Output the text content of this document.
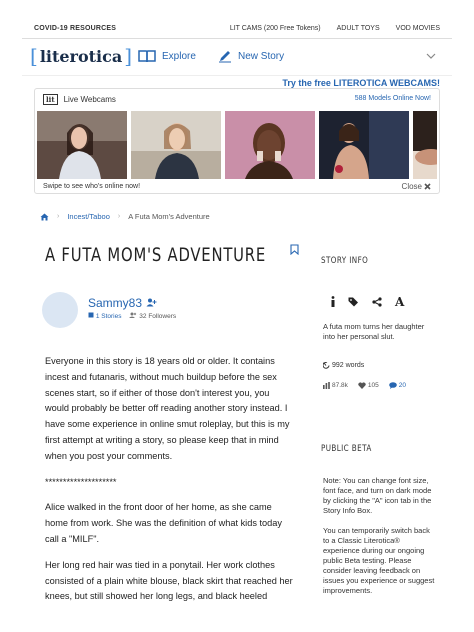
COVID-19 RESOURCES	LIT CAMS (200 Free Tokens) ADULT TOYS VOD MOVIES
[ literotica ]	Explore	New Story
Try the free LITEROTICA WEBCAMS!
lit	Live Webcams	588 Models Online Now!
Swipe to see who's online now!	Close
› Incest/Taboo › A Futa Mom's Adventure
A FUTA MOM'S ADVENTURE
Sammy83
1 Stories	32 Followers

Everyone in this story is 18 years old or older. It contains incest and futanaris, without much buildup before the sex scenes start, so if either of those don't interest you, you would probably be better off reading another story instead. I have some experience in online smut roleplay, but this is my first attempt at writing a story, so please keep that in mind when you post your comments.

********************

Alice walked in the front door of her home, as she came home from work. She was the definition of what kids today call a "MILF".

Her long red hair was tied in a ponytail. Her work clothes consisted of a plain white blouse, black skirt that reached her knees, but still showed her long legs, and black heeled

STORY INFO
A
A futa mom turns her daughter into her personal slut.
992 words
87.8k	105	20
PUBLIC BETA
Note: You can change font size, font face, and turn on dark mode by clicking the "A" icon tab in the Story Info Box.
You can temporarily switch back to a Classic Literotica® experience during our ongoing public Beta testing. Please consider leaving feedback on issues you experience or suggest improvements.
